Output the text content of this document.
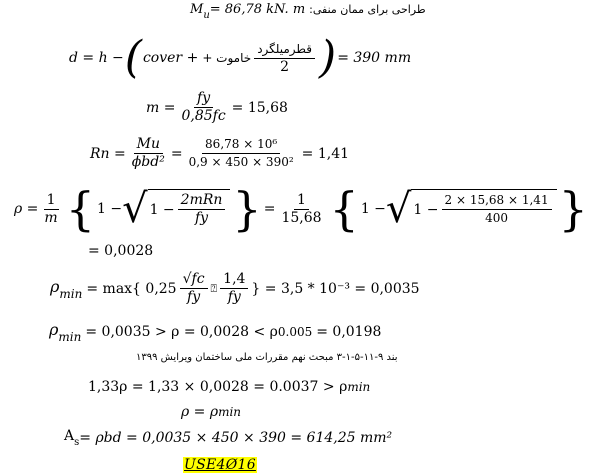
$M_u = 86,78$ kN. m طراحی برای ممان منفی:
d = h − ( cover + خاموت + $\frac{\text{قطرمیلگرد}}{2}$ ) = 390 mm
$m = \frac{fy}{0,85fc} = 15,68$
$Rn = \frac{Mu}{\text{ϕbd²}} = \frac{\text{86,78 × 10⁶}}{\text{0,9 × 450 × 390²}} = 1,41$
$\rho = \frac{1}{m}$ { 1 − √ $1 - \frac{\text{2mRn}}{fy}$ } = $\frac{1}{15,68}$ { 1 − √ $1 - \frac{2 \times 15,68 \times 1,41}{400}$ }
= 0,0028
$\rho_{min} = \max${ $0,25 \frac{√fc}{fy}$ ⍰ $\frac{1,4}{fy}$ } = 3,5 * 10⁻³ = 0,0035
$\rho_{min} = 0,0035 > \rho = 0,0028 < \rho$ 0.005 = 0,0198
بند ۹-۱۱-۵-۱-۳ مبحث نهم مقررات ملی ساختمان ویرایش ۱۳۹۹
1,33ρ = 1,33 × 0,0028 = 0.0037 > ρ min
ρ = ρ min
$A_s = \rho bd = 0,0035 \times 450 \times 390 = 614,25$ mm²
USE4Ø16
